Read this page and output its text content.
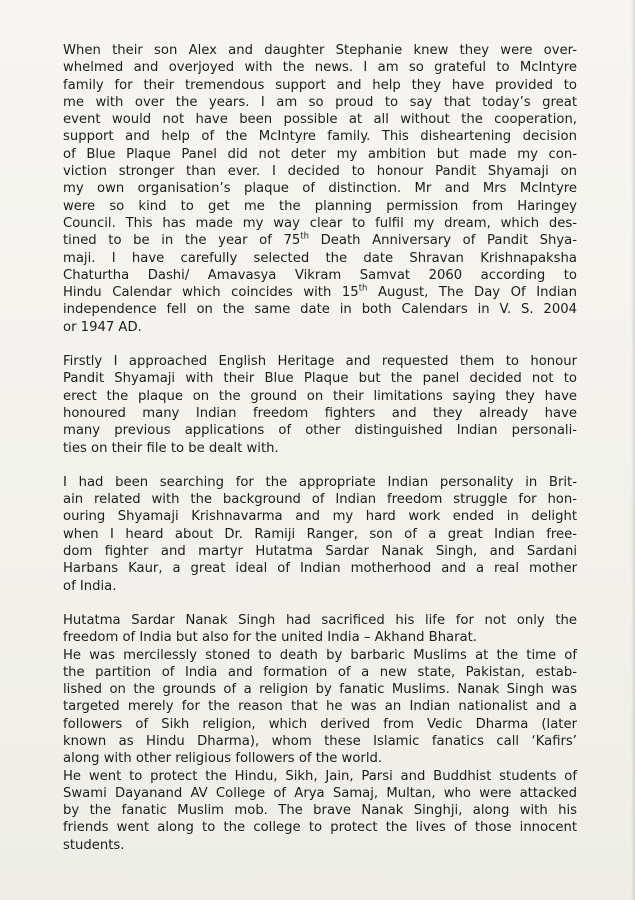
When their son Alex and daughter Stephanie knew they were over-
whelmed and overjoyed with the news. I am so grateful to McIntyre
family for their tremendous support and help they have provided to
me with over the years. I am so proud to say that today’s great
event would not have been possible at all without the cooperation,
support and help of the McIntyre family. This disheartening decision
of Blue Plaque Panel did not deter my ambition but made my con-
viction stronger than ever. I decided to honour Pandit Shyamaji on
my own organisation’s plaque of distinction. Mr and Mrs McIntyre
were so kind to get me the planning permission from Haringey
Council. This has made my way clear to fulfil my dream, which des-
tined to be in the year of 75th Death Anniversary of Pandit Shya-
maji. I have carefully selected the date Shravan Krishnapaksha
Chaturtha Dashi/ Amavasya Vikram Samvat 2060 according to
Hindu Calendar which coincides with 15th August, The Day Of Indian
independence fell on the same date in both Calendars in V. S. 2004
or 1947 AD.
Firstly I approached English Heritage and requested them to honour
Pandit Shyamaji with their Blue Plaque but the panel decided not to
erect the plaque on the ground on their limitations saying they have
honoured many Indian freedom fighters and they already have
many previous applications of other distinguished Indian personali-
ties on their file to be dealt with.
I had been searching for the appropriate Indian personality in Brit-
ain related with the background of Indian freedom struggle for hon-
ouring Shyamaji Krishnavarma and my hard work ended in delight
when I heard about Dr. Ramiji Ranger, son of a great Indian free-
dom fighter and martyr Hutatma Sardar Nanak Singh, and Sardani
Harbans Kaur, a great ideal of Indian motherhood and a real mother
of India.
Hutatma Sardar Nanak Singh had sacrificed his life for not only the
freedom of India but also for the united India – Akhand Bharat.
He was mercilessly stoned to death by barbaric Muslims at the time of
the partition of India and formation of a new state, Pakistan, estab-
lished on the grounds of a religion by fanatic Muslims. Nanak Singh was
targeted merely for the reason that he was an Indian nationalist and a
followers of Sikh religion, which derived from Vedic Dharma (later
known as Hindu Dharma), whom these Islamic fanatics call ‘Kafirs’
along with other religious followers of the world.
He went to protect the Hindu, Sikh, Jain, Parsi and Buddhist students of
Swami Dayanand AV College of Arya Samaj, Multan, who were attacked
by the fanatic Muslim mob. The brave Nanak Singhji, along with his
friends went along to the college to protect the lives of those innocent
students.
